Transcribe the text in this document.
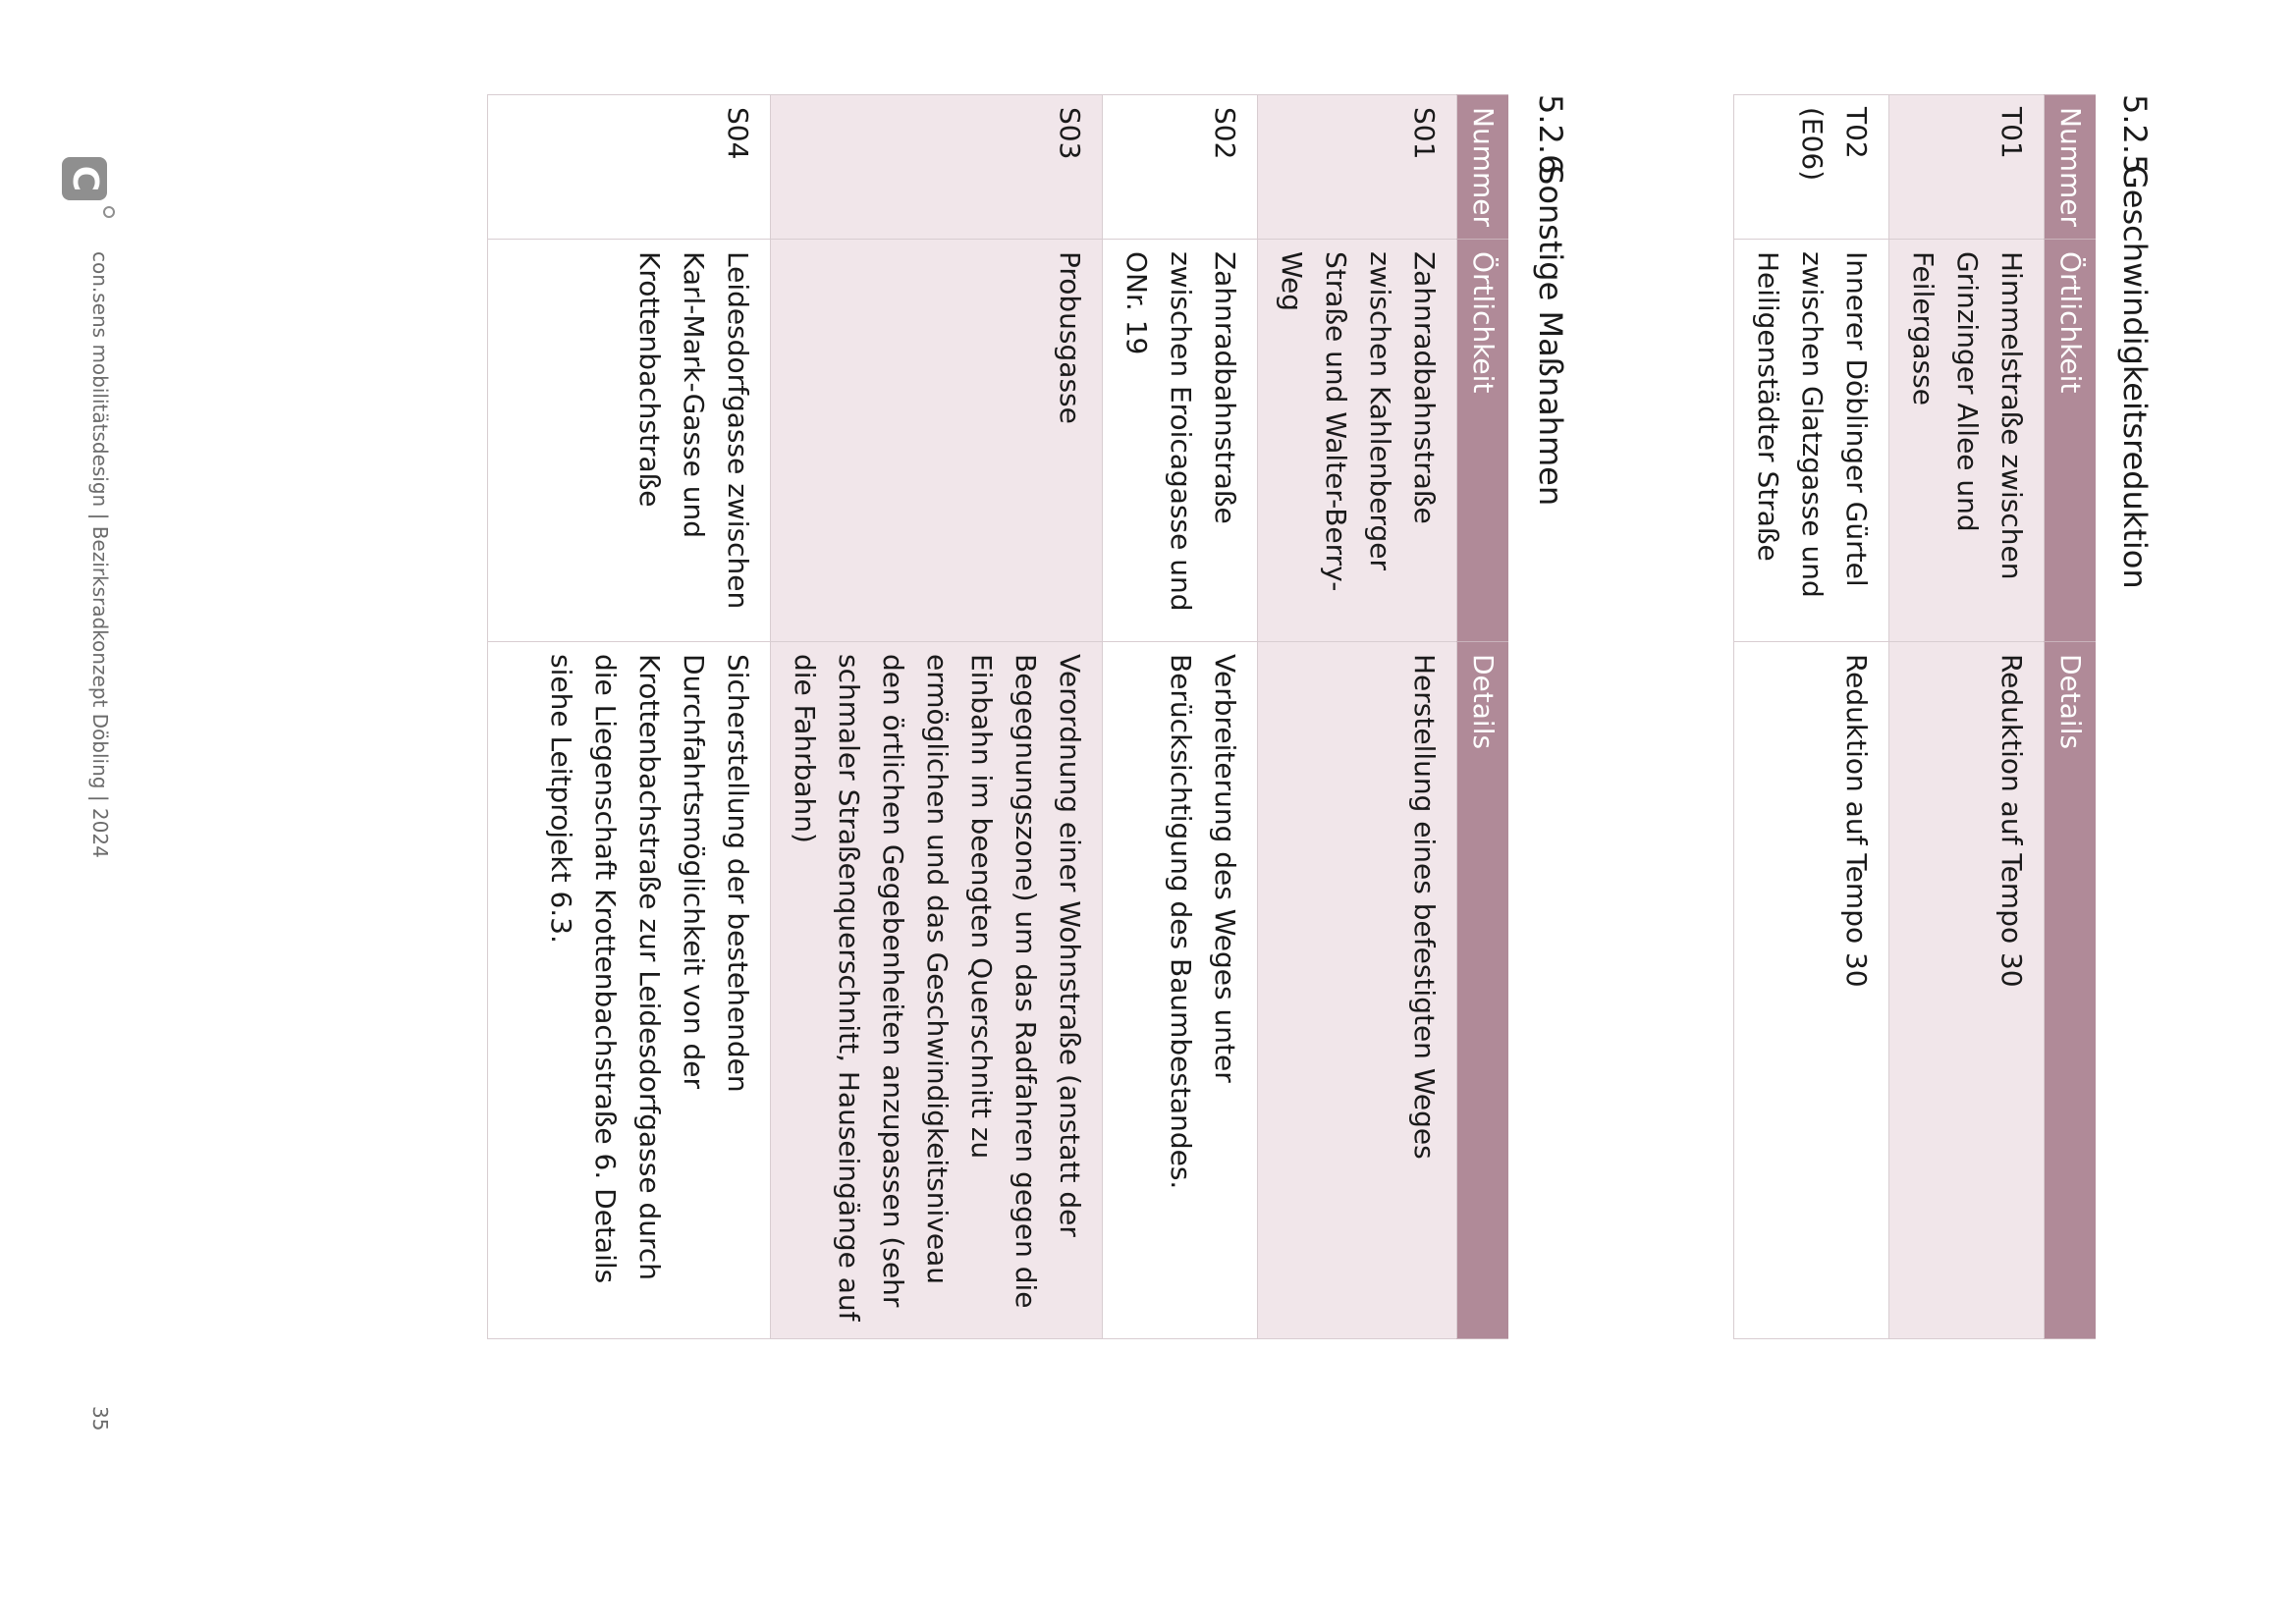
5.2.5Geschwindigkeitsreduktion
Nummer	Örtlichkeit	Details
T01	Himmelstraße zwischen Grinzinger Allee und Feilergasse	Reduktion auf Tempo 30
T02 (E06)	Innerer Döblinger Gürtel zwischen Glatzgasse und Heiligenstädter Straße	Reduktion auf Tempo 30
5.2.6Sonstige Maßnahmen
Nummer	Örtlichkeit	Details
S01	Zahnradbahnstraße zwischen Kahlenberger Straße und Walter-Berry-Weg	Herstellung eines befestigten Weges
S02	Zahnradbahnstraße zwischen Eroicagasse und ONr. 19	Verbreiterung des Weges unter Berücksichtigung des Baumbestandes.
S03	Probusgasse	Verordnung einer Wohnstraße (anstatt der Begegnungszone) um das Radfahren gegen die Einbahn im beengten Querschnitt zu ermöglichen und das Geschwindigkeitsniveau den örtlichen Gegebenheiten anzupassen (sehr schmaler Straßenquerschnitt, Hauseingänge auf die Fahrbahn)
S04	Leidesdorfgasse zwischen Karl-Mark-Gasse und Krottenbachstraße	Sicherstellung der bestehenden Durchfahrtsmöglichkeit von der Krottenbachstraße zur Leidesdorfgasse durch die Liegenschaft Krottenbachstraße 6. Details siehe Leitprojekt 6.3.
C
con.sens mobilitätsdesign | Bezirksradkonzept Döbling | 2024
35
